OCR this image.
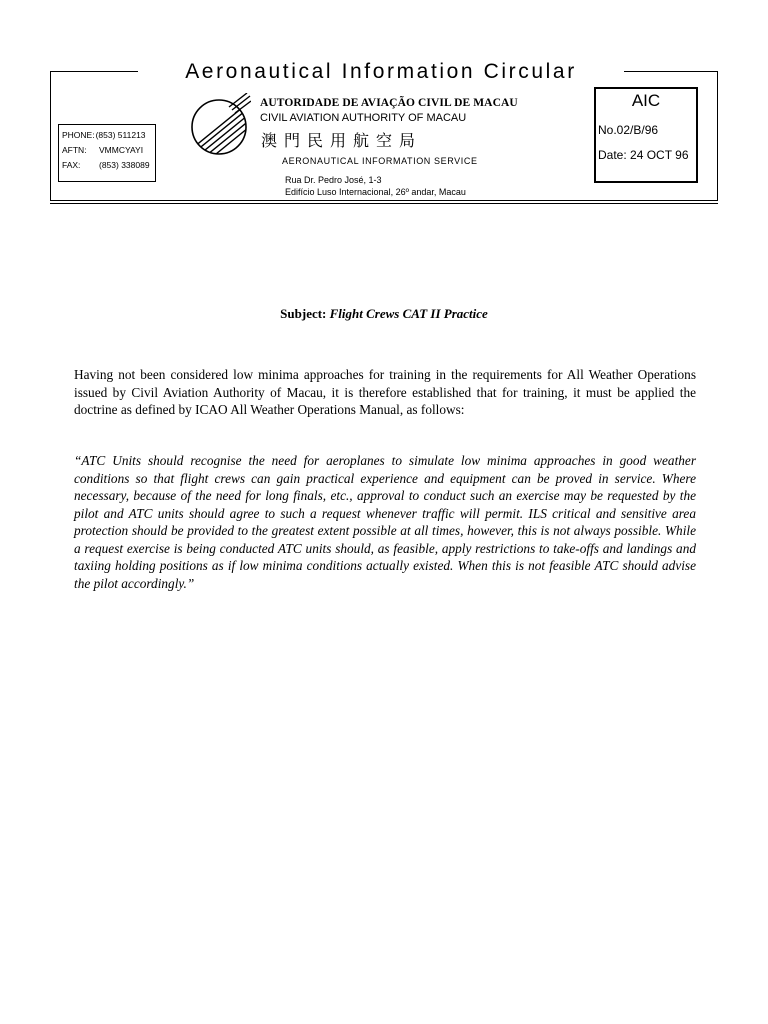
Aeronautical Information Circular
PHONE: (853) 511213
AFTN:	VMMCYAYI
FAX:	(853) 338089
AUTORIDADE DE AVIAÇÃO CIVIL DE MACAU
CIVIL AVIATION AUTHORITY OF MACAU
澳門民用航空局
AERONAUTICAL INFORMATION SERVICE
Rua Dr. Pedro José, 1-3
Edifício Luso Internacional, 26º andar, Macau
AIC
No.02/B/96
Date: 24 OCT 96
Subject: Flight Crews CAT II Practice
Having not been considered low minima approaches for training in the requirements for All Weather Operations issued by Civil Aviation Authority of Macau, it is therefore established that for training, it must be applied the doctrine as defined by ICAO All Weather Operations Manual, as follows:
“ATC Units should recognise the need for aeroplanes to simulate low minima approaches in good weather conditions so that flight crews can gain practical experience and equipment can be proved in service. Where necessary, because of the need for long finals, etc., approval to conduct such an exercise may be requested by the pilot and ATC units should agree to such a request whenever traffic will permit. ILS critical and sensitive area protection should be provided to the greatest extent possible at all times, however, this is not always possible. While a request exercise is being conducted ATC units should, as feasible, apply restrictions to take-offs and landings and taxiing holding positions as if low minima conditions actually existed. When this is not feasible ATC should advise the pilot accordingly.”
